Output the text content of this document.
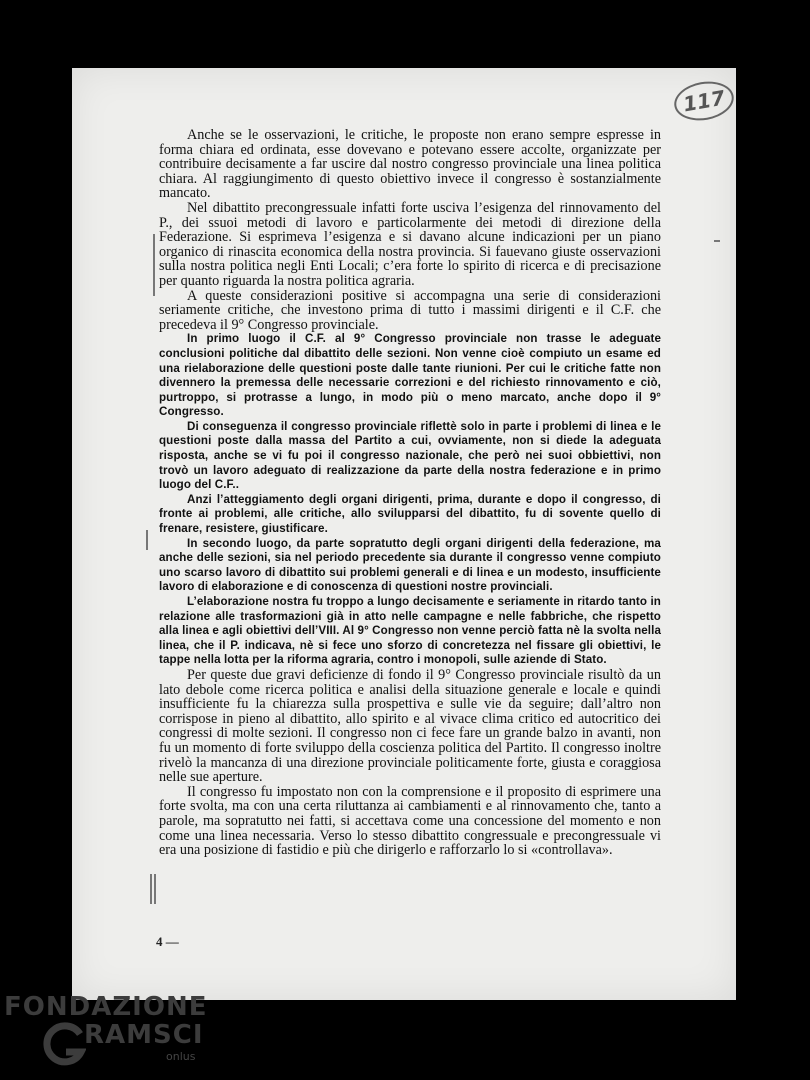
117

Anche se le osservazioni, le critiche, le proposte non erano sempre espresse in forma chiara ed ordinata, esse dovevano e potevano essere accolte, organizzate per contribuire decisamente a far uscire dal nostro congresso provinciale una linea politica chiara. Al raggiungimento di questo obiettivo invece il congresso è sostanzialmente mancato.

Nel dibattito precongressuale infatti forte usciva l’esigenza del rinnovamento del P., dei ssuoi metodi di lavoro e particolarmente dei metodi di direzione della Federazione. Si esprimeva l’esigenza e si davano alcune indicazioni per un piano organico di rinascita economica della nostra provincia. Si fauevano giuste osservazioni sulla nostra politica negli Enti Locali; c’era forte lo spirito di ricerca e di precisazione per quanto riguarda la nostra politica agraria.

A queste considerazioni positive si accompagna una serie di considerazioni seriamente critiche, che investono prima di tutto i massimi dirigenti e il C.F. che precedeva il 9° Congresso provinciale.

In primo luogo il C.F. al 9° Congresso provinciale non trasse le adeguate conclusioni politiche dal dibattito delle sezioni. Non venne cioè compiuto un esame ed una rielaborazione delle questioni poste dalle tante riunioni. Per cui le critiche fatte non divennero la premessa delle necessarie correzioni e del richiesto rinnovamento e ciò, purtroppo, si protrasse a lungo, in modo più o meno marcato, anche dopo il 9° Congresso.

Di conseguenza il congresso provinciale riflettè solo in parte i problemi di linea e le questioni poste dalla massa del Partito a cui, ovviamente, non si diede la adeguata risposta, anche se vi fu poi il congresso nazionale, che però nei suoi obbiettivi, non trovò un lavoro adeguato di realizzazione da parte della nostra federazione e in primo luogo del C.F..

Anzi l’atteggiamento degli organi dirigenti, prima, durante e dopo il congresso, di fronte ai problemi, alle critiche, allo svilupparsi del dibattito, fu di sovente quello di frenare, resistere, giustificare.

In secondo luogo, da parte sopratutto degli organi dirigenti della federazione, ma anche delle sezioni, sia nel periodo precedente sia durante il congresso venne compiuto uno scarso lavoro di dibattito sui problemi generali e di linea e un modesto, insufficiente lavoro di elaborazione e di conoscenza di questioni nostre provinciali.

L’elaborazione nostra fu troppo a lungo decisamente e seriamente in ritardo tanto in relazione alle trasformazioni già in atto nelle campagne e nelle fabbriche, che rispetto alla linea e agli obiettivi dell’VIII. Al 9° Congresso non venne perciò fatta nè la svolta nella linea, che il P. indicava, nè si fece uno sforzo di concretezza nel fissare gli obiettivi, le tappe nella lotta per la riforma agraria, contro i monopoli, sulle aziende di Stato.

Per queste due gravi deficienze di fondo il 9° Congresso provinciale risultò da un lato debole come ricerca politica e analisi della situazione generale e locale e quindi insufficiente fu la chiarezza sulla prospettiva e sulle vie da seguire; dall’altro non corrispose in pieno al dibattito, allo spirito e al vivace clima critico ed autocritico dei congressi di molte sezioni. Il congresso non ci fece fare un grande balzo in avanti, non fu un momento di forte sviluppo della coscienza politica del Partito. Il congresso inoltre rivelò la mancanza di una direzione provinciale politicamente forte, giusta e coraggiosa nelle sue aperture.

Il congresso fu impostato non con la comprensione e il proposito di esprimere una forte svolta, ma con una certa riluttanza ai cambiamenti e al rinnovamento che, tanto a parole, ma sopratutto nei fatti, si accettava come una concessione del momento e non come una linea necessaria. Verso lo stesso dibattito congressuale e precongressuale vi era una posizione di fastidio e più che dirigerlo e rafforzarlo lo si «controllava».

4 —
FONDAZIONE
RAMSCI
onlus
